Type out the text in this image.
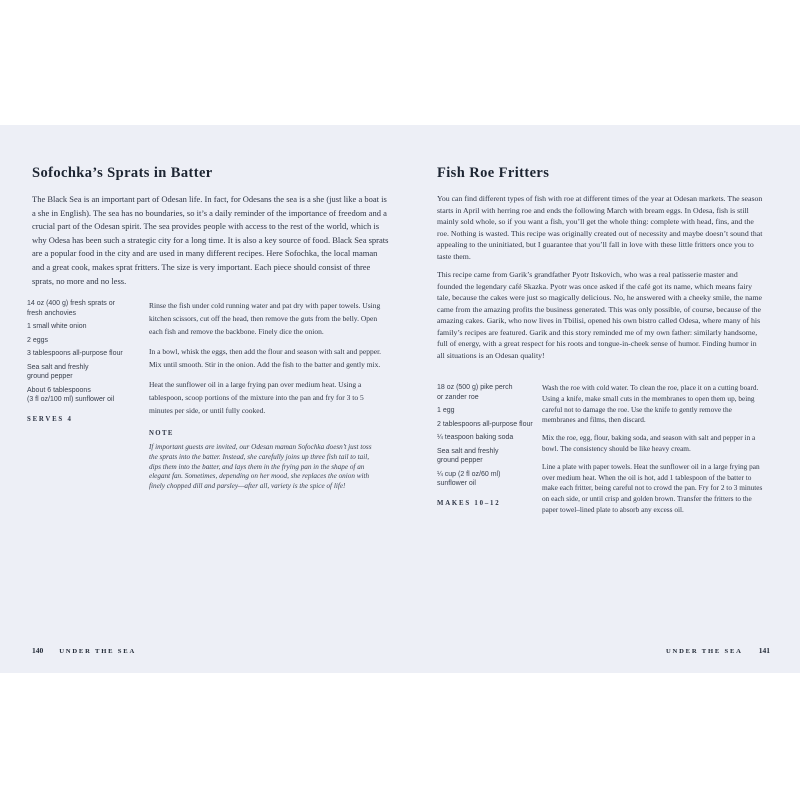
Sofochka’s Sprats in Batter
The Black Sea is an important part of Odesan life. In fact, for Odesans the sea is a she (just like a boat is a she in English). The sea has no boundaries, so it’s a daily reminder of the importance of freedom and a crucial part of the Odesan spirit. The sea provides people with access to the rest of the world, which is why Odesa has been such a strategic city for a long time. It is also a key source of food. Black Sea sprats are a popular food in the city and are used in many different recipes. Here Sofochka, the local maman and a great cook, makes sprat fritters. The size is very important. Each piece should consist of three sprats, no more and no less.
14 oz (400 g) fresh sprats or
fresh anchovies
1 small white onion
2 eggs
3 tablespoons all-purpose flour
Sea salt and freshly
ground pepper
About 6 tablespoons
(3 fl oz/100 ml) sunflower oil
SERVES 4

Rinse the fish under cold running water and pat dry with paper towels. Using kitchen scissors, cut off the head, then remove the guts from the belly. Open each fish and remove the backbone. Finely dice the onion.

In a bowl, whisk the eggs, then add the flour and season with salt and pepper. Mix until smooth. Stir in the onion. Add the fish to the batter and gently mix.

Heat the sunflower oil in a large frying pan over medium heat. Using a tablespoon, scoop portions of the mixture into the pan and fry for 3 to 5 minutes per side, or until fully cooked.

NOTE
If important guests are invited, our Odesan maman Sofochka doesn’t just toss the sprats into the batter. Instead, she carefully joins up three fish tail to tail, dips them into the batter, and lays them in the frying pan in the shape of an elegant fan. Sometimes, depending on her mood, she replaces the onion with finely chopped dill and parsley—after all, variety is the spice of life!
140 UNDER THE SEA
Fish Roe Fritters

You can find different types of fish with roe at different times of the year at Odesan markets. The season starts in April with herring roe and ends the following March with bream eggs. In Odesa, fish is still mainly sold whole, so if you want a fish, you’ll get the whole thing: complete with head, fins, and the roe. Nothing is wasted. This recipe was originally created out of necessity and maybe doesn’t sound that appealing to the uninitiated, but I guarantee that you’ll fall in love with these little fritters once you to taste them.

This recipe came from Garik’s grandfather Pyotr Itskovich, who was a real patisserie master and founded the legendary café Skazka. Pyotr was once asked if the café got its name, which means fairy tale, because the cakes were just so magically delicious. No, he answered with a cheeky smile, the name came from the amazing profits the business generated. This was only possible, of course, because of the amazing cakes. Garik, who now lives in Tbilisi, opened his own bistro called Odesa, where many of his family’s recipes are featured. Garik and this story reminded me of my own father: similarly handsome, full of energy, with a great respect for his roots and tongue-in-cheek sense of humor. Finding humor in all situations is an Odesan quality!

18 oz (500 g) pike perch
or zander roe
1 egg
2 tablespoons all-purpose flour
¼ teaspoon baking soda
Sea salt and freshly
ground pepper
¼ cup (2 fl oz/60 ml)
sunflower oil
MAKES 10–12

Wash the roe with cold water. To clean the roe, place it on a cutting board. Using a knife, make small cuts in the membranes to open them up, being careful not to damage the roe. Use the knife to gently remove the membranes and films, then discard.

Mix the roe, egg, flour, baking soda, and season with salt and pepper in a bowl. The consistency should be like heavy cream.

Line a plate with paper towels. Heat the sunflower oil in a large frying pan over medium heat. When the oil is hot, add 1 tablespoon of the batter to make each fritter, being careful not to crowd the pan. Fry for 2 to 3 minutes on each side, or until crisp and golden brown. Transfer the fritters to the paper towel–lined plate to absorb any excess oil.

UNDER THE SEA 141
